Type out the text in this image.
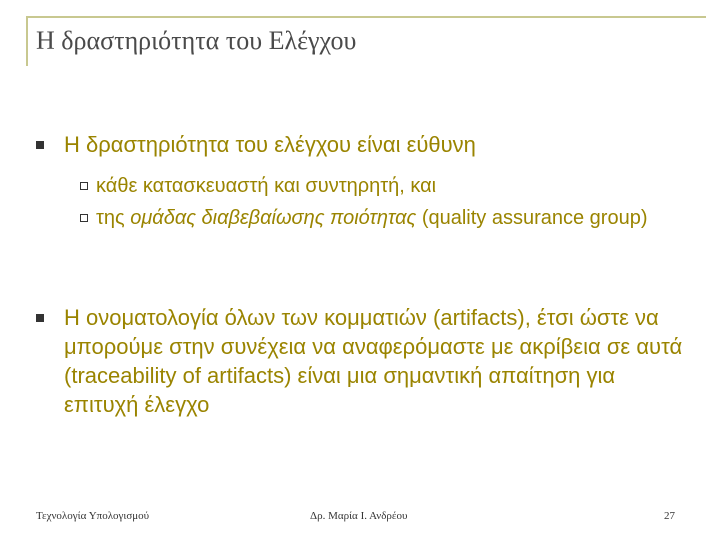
Η δραστηριότητα του Ελέγχου
Η δραστηριότητα του ελέγχου είναι εύθυνη
κάθε κατασκευαστή και συντηρητή, και
της ομάδας διαβεβαίωσης ποιότητας (quality assurance group)
Η ονοματολογία όλων των κομματιών (artifacts), έτσι ώστε να μπορούμε στην συνέχεια να αναφερόμαστε με ακρίβεια σε αυτά (traceability of artifacts) είναι μια σημαντική απαίτηση για επιτυχή έλεγχο
Τεχνολογία Υπολογισμού	Δρ. Μαρία Ι. Ανδρέου	27
